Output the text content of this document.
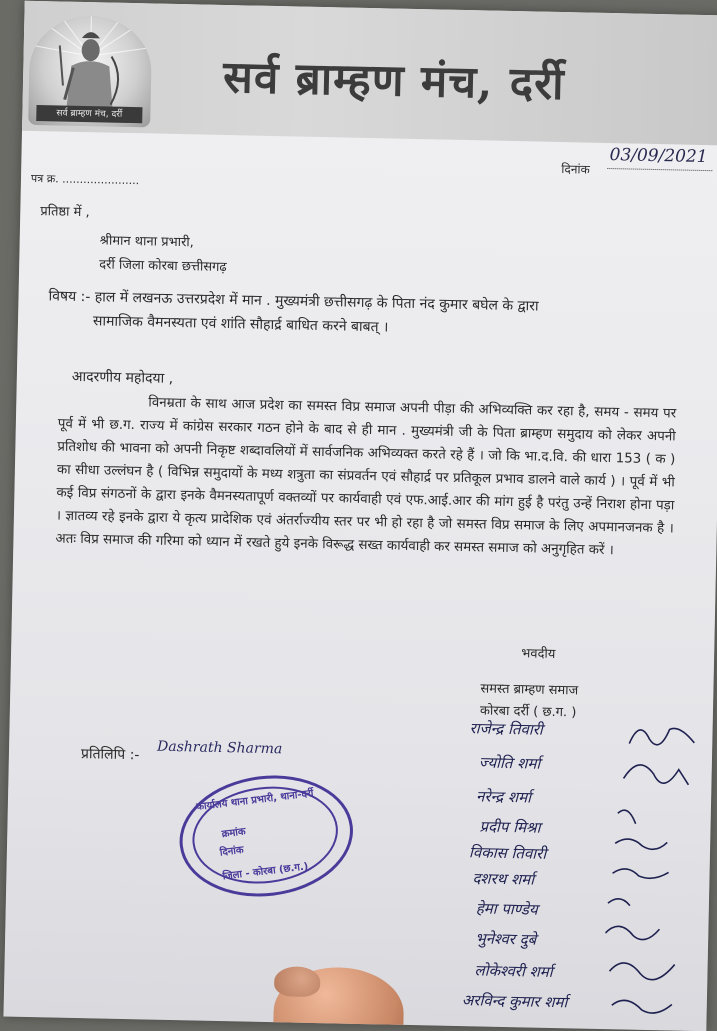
सर्व ब्राम्हण मंच, दर्री
सर्व ब्राम्हण मंच, दर्री
दिनांक
03/09/2021
पत्र क्र. ......................
प्रतिष्ठा में ,
श्रीमान थाना प्रभारी,
दर्री जिला कोरबा छत्तीसगढ़
विषय :- हाल में लखनऊ उत्तरप्रदेश में मान . मुख्यमंत्री छत्तीसगढ़ के पिता नंद कुमार बघेल के द्वारा
सामाजिक वैमनस्यता एवं शांति सौहार्द्र बाधित करने बाबत् ।
आदरणीय महोदया ,
विनम्रता के साथ आज प्रदेश का समस्त विप्र समाज अपनी पीड़ा की अभिव्यक्ति कर रहा है, समय - समय पर पूर्व में भी छ.ग. राज्य में कांग्रेस सरकार गठन होने के बाद से ही मान . मुख्यमंत्री जी के पिता ब्राम्हण समुदाय को लेकर अपनी प्रतिशोध की भावना को अपनी निकृष्ट शब्दावलियों में सार्वजनिक अभिव्यक्त करते रहे हैं । जो कि भा.द.वि. की धारा 153 ( क ) का सीधा उल्लंघन है ( विभिन्न समुदायों के मध्य शत्रुता का संप्रवर्तन एवं सौहार्द्र पर प्रतिकूल प्रभाव डालने वाले कार्य ) । पूर्व में भी कई विप्र संगठनों के द्वारा इनके वैमनस्यतापूर्ण वक्तव्यों पर कार्यवाही एवं एफ.आई.आर की मांग हुई है परंतु उन्हें निराश होना पड़ा । ज्ञातव्य रहे इनके द्वारा ये कृत्य प्रादेशिक एवं अंतर्राज्यीय स्तर पर भी हो रहा है जो समस्त विप्र समाज के लिए अपमानजनक है । अतः विप्र समाज की गरिमा को ध्यान में रखते हुये इनके विरूद्ध सख्त कार्यवाही कर समस्त समाज को अनुगृहित करें ।
भवदीय
समस्त ब्राम्हण समाज
कोरबा दर्री ( छ.ग. )
प्रतिलिपि :- Dashrath Sharma
कार्यालय थाना प्रभारी, थाना-दर्री
क्रमांक
दिनांक
जिला - कोरबा (छ.ग.)
राजेन्द्र तिवारी
ज्योति शर्मा
नरेन्द्र शर्मा
प्रदीप मिश्रा
विकास तिवारी
दशरथ शर्मा
हेमा पाण्डेय
भुनेश्वर दुबे
लोकेश्वरी शर्मा
अरविन्द कुमार शर्मा
